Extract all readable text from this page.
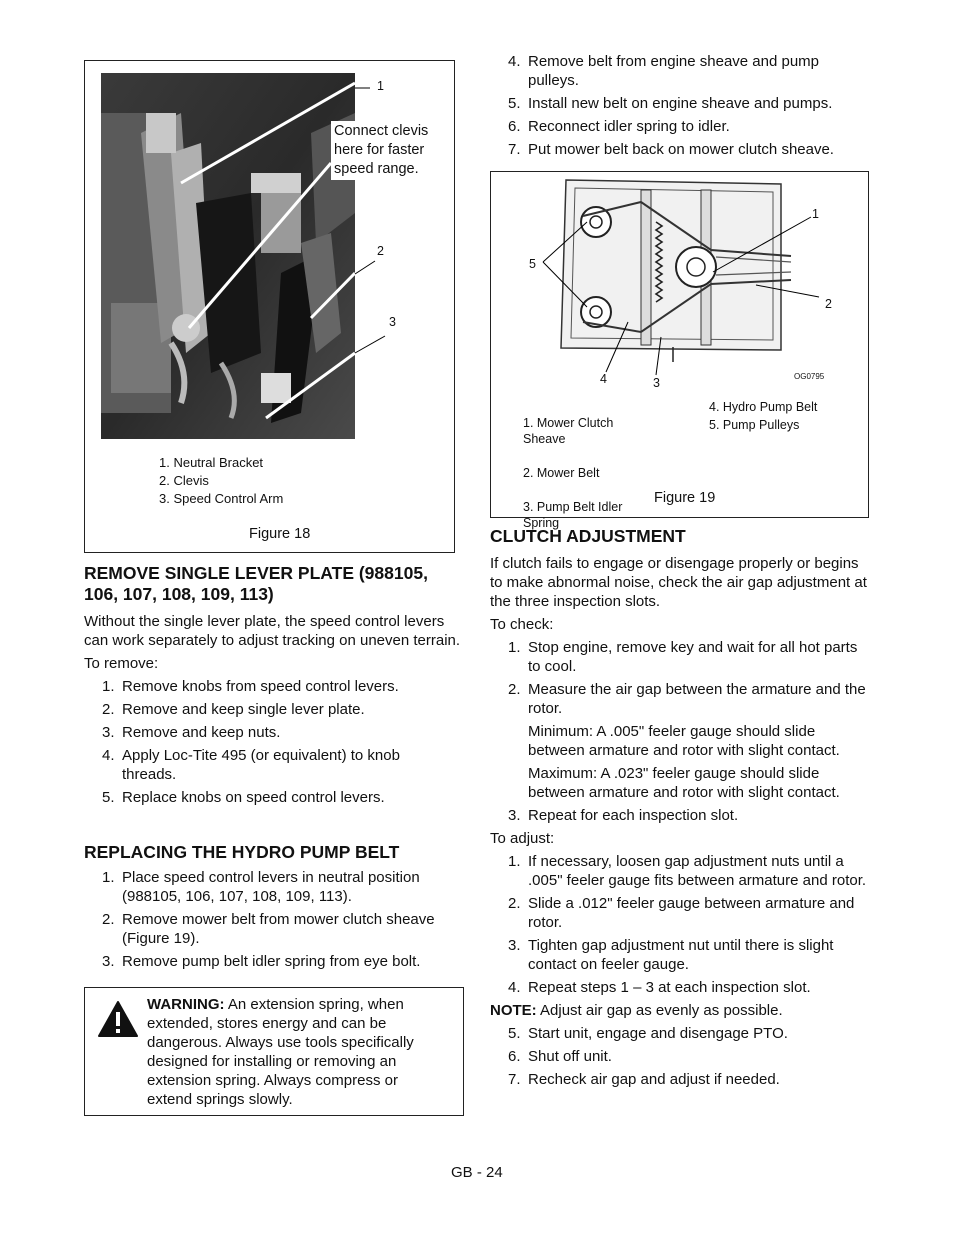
1
2
3

Connect clevis here for faster speed range.

1. Neutral Bracket
2. Clevis
3. Speed Control Arm
Figure 18

REMOVE SINGLE LEVER PLATE (988105, 106, 107, 108, 109, 113)

Without the single lever plate, the speed control levers can work separately to adjust tracking on uneven terrain.

To remove:

1. Remove knobs from speed control levers.
2. Remove and keep single lever plate.
3. Remove and keep nuts.
4. Apply Loc-Tite 495 (or equivalent) to knob threads.
5. Replace knobs on speed control levers.

REPLACING THE HYDRO PUMP BELT

1. Place speed control levers in neutral position (988105, 106, 107, 108, 109, 113).
2. Remove mower belt from mower clutch sheave (Figure 19).
3. Remove pump belt idler spring from eye bolt.

WARNING: An extension spring, when extended, stores energy and can be dangerous. Always use tools specifically designed for installing or removing an extension spring. Always compress or extend springs slowly.

4. Remove belt from engine sheave and pump pulleys.
5. Install new belt on engine sheave and pumps.
6. Reconnect idler spring to idler.
7. Put mower belt back on mower clutch sheave.
1
2
3
4
5
OG0795

1. Mower Clutch
Sheave

2. Mower Belt

3. Pump Belt Idler
Spring

4. Hydro Pump Belt
5. Pump Pulleys
Figure 19

CLUTCH ADJUSTMENT

If clutch fails to engage or disengage properly or begins to make abnormal noise, check the air gap adjustment at the three inspection slots.

To check:

1. Stop engine, remove key and wait for all hot parts to cool.
2. Measure the air gap between the armature and the rotor.

Minimum: A .005" feeler gauge should slide between armature and rotor with slight contact.

Maximum: A .023" feeler gauge should slide between armature and rotor with slight contact.

3. Repeat for each inspection slot.

To adjust:

1. If necessary, loosen gap adjustment nuts until a .005" feeler gauge fits between armature and rotor.
2. Slide a .012" feeler gauge between armature and rotor.
3. Tighten gap adjustment nut until there is slight contact on feeler gauge.
4. Repeat steps 1 – 3 at each inspection slot.

NOTE: Adjust air gap as evenly as possible.

5. Start unit, engage and disengage PTO.
6. Shut off unit.
7. Recheck air gap and adjust if needed.
GB - 24
